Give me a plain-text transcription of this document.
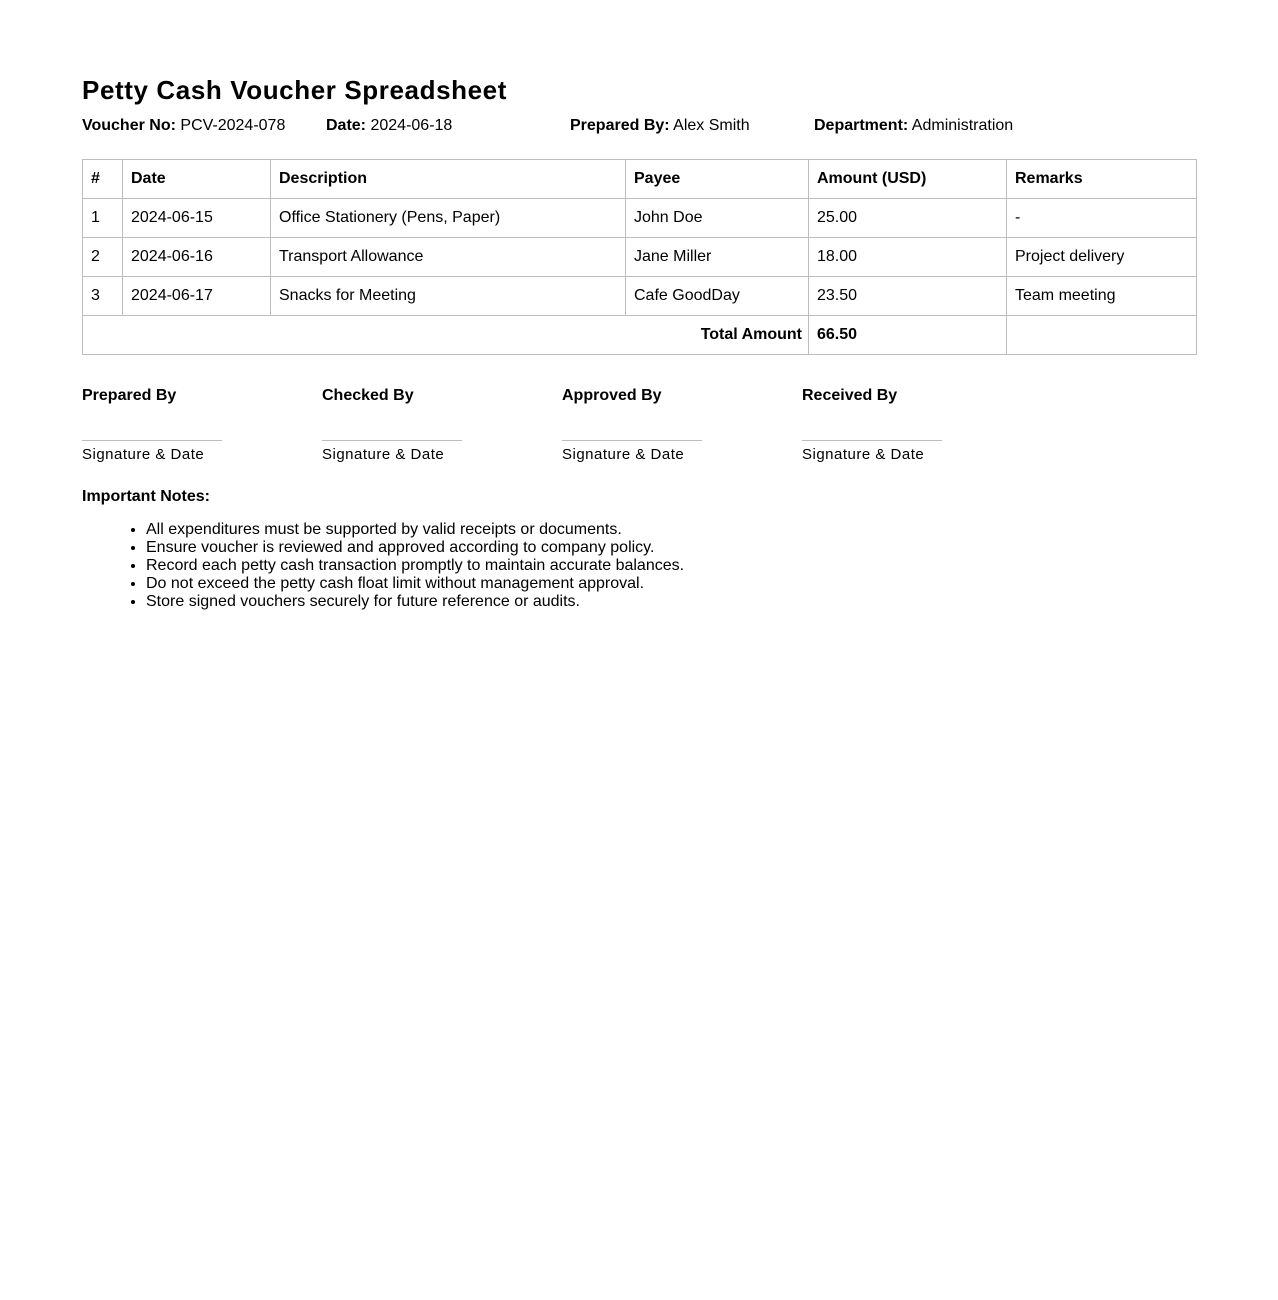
Petty Cash Voucher Spreadsheet
Voucher No: PCV-2024-078	Date: 2024-06-18	Prepared By: Alex Smith	Department: Administration
#	Date	Description	Payee	Amount (USD)	Remarks
1	2024-06-15	Office Stationery (Pens, Paper)	John Doe	25.00	-
2	2024-06-16	Transport Allowance	Jane Miller	18.00	Project delivery
3	2024-06-17	Snacks for Meeting	Cafe GoodDay	23.50	Team meeting
Total Amount				66.50	
Prepared By
Signature & Date
Checked By
Signature & Date
Approved By
Signature & Date
Received By
Signature & Date
Important Notes:
• All expenditures must be supported by valid receipts or documents.
• Ensure voucher is reviewed and approved according to company policy.
• Record each petty cash transaction promptly to maintain accurate balances.
• Do not exceed the petty cash float limit without management approval.
• Store signed vouchers securely for future reference or audits.
